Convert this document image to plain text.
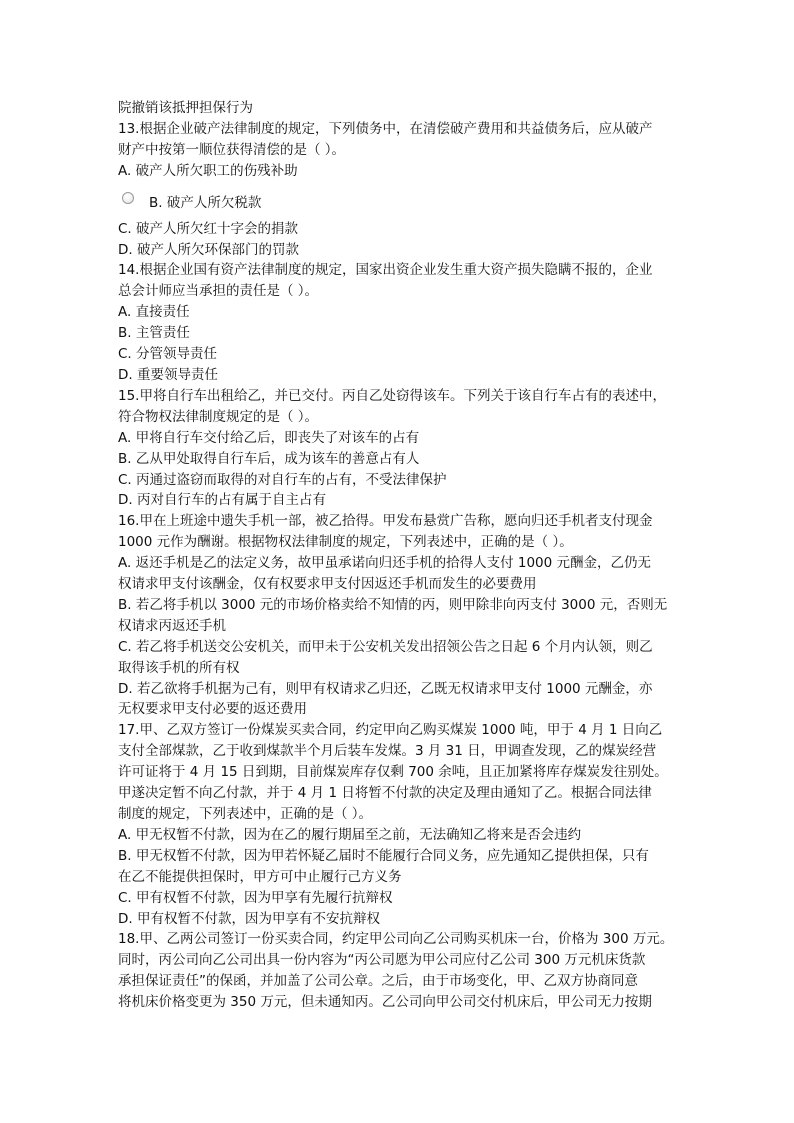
院撤销该抵押担保行为

13.根据企业破产法律制度的规定，下列债务中，在清偿破产费用和共益债务后，应从破产

财产中按第一顺位获得清偿的是（ ）。

A. 破产人所欠职工的伤残补助

B. 破产人所欠税款

C. 破产人所欠红十字会的捐款

D. 破产人所欠环保部门的罚款

14.根据企业国有资产法律制度的规定，国家出资企业发生重大资产损失隐瞒不报的，企业

总会计师应当承担的责任是（ ）。

A. 直接责任

B. 主管责任

C. 分管领导责任

D. 重要领导责任

15.甲将自行车出租给乙，并已交付。丙自乙处窃得该车。下列关于该自行车占有的表述中，

符合物权法律制度规定的是（ ）。

A. 甲将自行车交付给乙后，即丧失了对该车的占有

B. 乙从甲处取得自行车后，成为该车的善意占有人

C. 丙通过盗窃而取得的对自行车的占有，不受法律保护

D. 丙对自行车的占有属于自主占有

16.甲在上班途中遗失手机一部，被乙拾得。甲发布悬赏广告称，愿向归还手机者支付现金

1000 元作为酬谢。根据物权法律制度的规定，下列表述中，正确的是（ ）。

A. 返还手机是乙的法定义务，故甲虽承诺向归还手机的拾得人支付 1000 元酬金，乙仍无

权请求甲支付该酬金，仅有权要求甲支付因返还手机而发生的必要费用

B. 若乙将手机以 3000 元的市场价格卖给不知情的丙，则甲除非向丙支付 3000 元，否则无

权请求丙返还手机

C. 若乙将手机送交公安机关，而甲未于公安机关发出招领公告之日起 6 个月内认领，则乙

取得该手机的所有权

D. 若乙欲将手机据为己有，则甲有权请求乙归还，乙既无权请求甲支付 1000 元酬金，亦

无权要求甲支付必要的返还费用

17.甲、乙双方签订一份煤炭买卖合同，约定甲向乙购买煤炭 1000 吨，甲于 4 月 1 日向乙

支付全部煤款，乙于收到煤款半个月后装车发煤。3 月 31 日，甲调查发现，乙的煤炭经营

许可证将于 4 月 15 日到期，目前煤炭库存仅剩 700 余吨，且正加紧将库存煤炭发往别处。

甲遂决定暂不向乙付款，并于 4 月 1 日将暂不付款的决定及理由通知了乙。根据合同法律

制度的规定，下列表述中，正确的是（ ）。

A. 甲无权暂不付款，因为在乙的履行期届至之前，无法确知乙将来是否会违约

B. 甲无权暂不付款，因为甲若怀疑乙届时不能履行合同义务，应先通知乙提供担保，只有

在乙不能提供担保时，甲方可中止履行己方义务

C. 甲有权暂不付款，因为甲享有先履行抗辩权

D. 甲有权暂不付款，因为甲享有不安抗辩权

18.甲、乙两公司签订一份买卖合同，约定甲公司向乙公司购买机床一台，价格为 300 万元。

同时，丙公司向乙公司出具一份内容为“丙公司愿为甲公司应付乙公司 300 万元机床货款

承担保证责任”的保函，并加盖了公司公章。之后，由于市场变化，甲、乙双方协商同意

将机床价格变更为 350 万元，但未通知丙。乙公司向甲公司交付机床后，甲公司无力按期
